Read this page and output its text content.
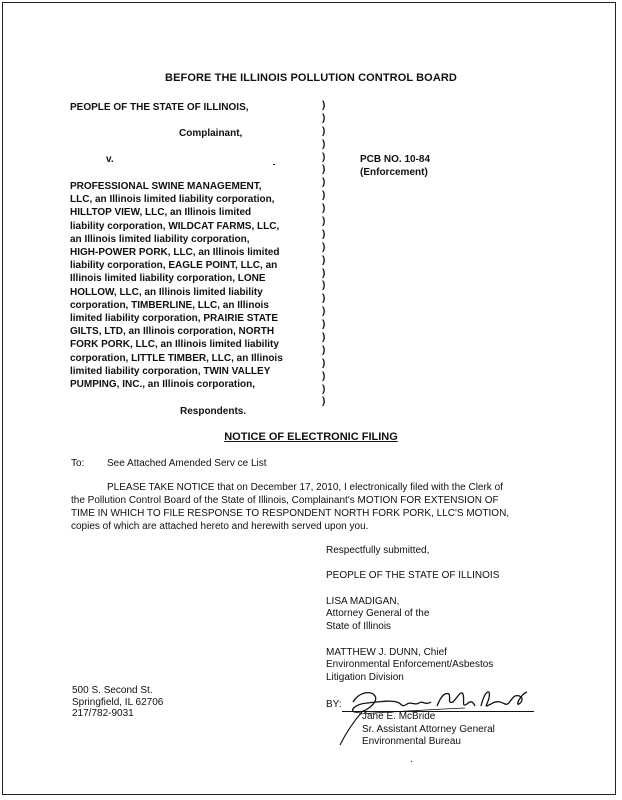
BEFORE THE ILLINOIS POLLUTION CONTROL BOARD
PEOPLE OF THE STATE OF ILLINOIS,
Complainant,
v.
PROFESSIONAL SWINE MANAGEMENT,
LLC, an Illinois limited liability corporation,
HILLTOP VIEW, LLC, an Illinois limited
liability corporation, WILDCAT FARMS, LLC,
an Illinois limited liability corporation,
HIGH-POWER PORK, LLC, an Illinois limited
liability corporation, EAGLE POINT, LLC, an
Illinois limited liability corporation, LONE
HOLLOW, LLC, an Illinois limited liability
corporation, TIMBERLINE, LLC, an Illinois
limited liability corporation, PRAIRIE STATE
GILTS, LTD, an Illinois corporation, NORTH
FORK PORK, LLC, an Illinois limited liability
corporation, LITTLE TIMBER, LLC, an Illinois
limited liability corporation, TWIN VALLEY
PUMPING, INC., an Illinois corporation,
Respondents.
)
)
)
)
)
)
)
)
)
)
)
)
)
)
)
)
)
)
)
)
)
)
)
)
PCB NO. 10-84
(Enforcement)
NOTICE OF ELECTRONIC FILING
To: See Attached Amended Serv ce List
PLEASE TAKE NOTICE that on December 17, 2010, I electronically filed with the Clerk of
the Pollution Control Board of the State of Illinois, Complainant's MOTION FOR EXTENSION OF
TIME IN WHICH TO FILE RESPONSE TO RESPONDENT NORTH FORK PORK, LLC'S MOTION,
copies of which are attached hereto and herewith served upon you.
Respectfully submitted,
PEOPLE OF THE STATE OF ILLINOIS
LISA MADIGAN,
Attorney General of the
State of Illinois
MATTHEW J. DUNN, Chief
Environmental Enforcement/Asbestos
Litigation Division
500 S. Second St.
Springfield, IL 62706
217/782-9031
BY:
Jane E. McBride
Sr. Assistant Attorney General
Environmental Bureau
.
